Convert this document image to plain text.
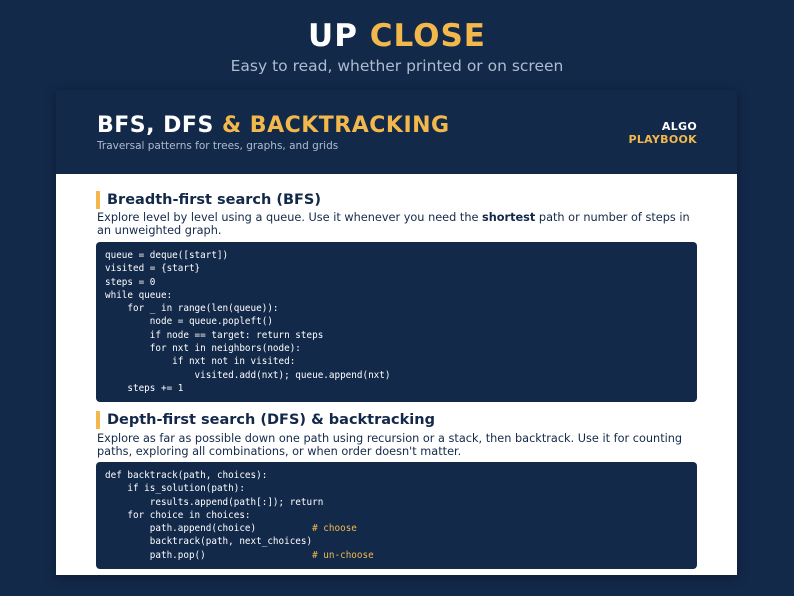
UP CLOSE
Easy to read, whether printed or on screen
BFS, DFS & BACKTRACKING
Traversal patterns for trees, graphs, and grids
ALGO
PLAYBOOK
Breadth-first search (BFS)
Explore level by level using a queue. Use it whenever you need the shortest path or number of steps in an unweighted graph.
queue = deque([start])
visited = {start}
steps = 0
while queue:
for _ in range(len(queue)):
node = queue.popleft()
if node == target: return steps
for nxt in neighbors(node):
if nxt not in visited:
visited.add(nxt); queue.append(nxt)
steps += 1
Depth-first search (DFS) & backtracking
Explore as far as possible down one path using recursion or a stack, then backtrack. Use it for counting paths, exploring all combinations, or when order doesn't matter.
def backtrack(path, choices):
if is_solution(path):
results.append(path[:]); return
for choice in choices:
path.append(choice)          # choose
backtrack(path, next_choices)
path.pop()                   # un-choose
